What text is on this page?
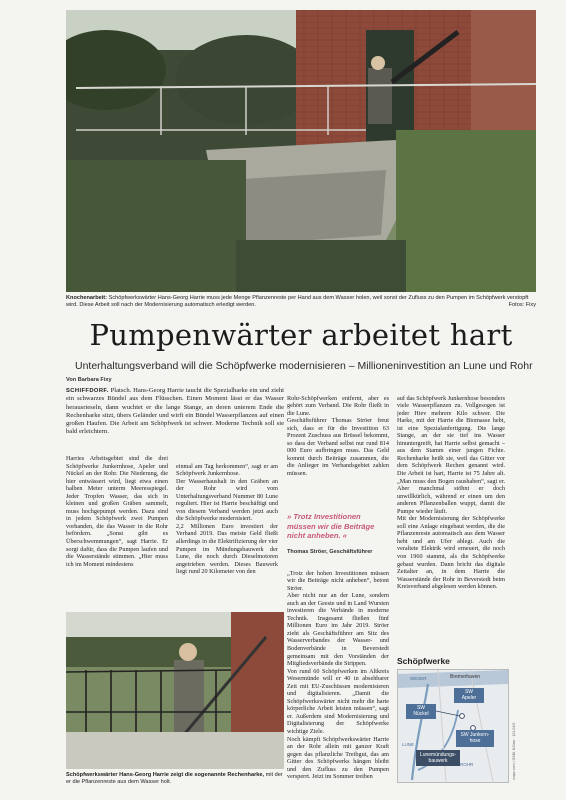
Knochenarbeit: Schöpfwerkswärter Hans-Georg Harrie muss jede Menge Pflanzenreste per Hand aus dem Wasser holen, weil sonst der Zufluss zu den Pumpen im Schöpfwerk verstopft wird. Diese Arbeit soll nach der Modernisierung automatisch erledigt werden.	Fotos: Fixy
Pumpenwärter arbeitet hart
Unterhaltungsverband will die Schöpfwerke modernisieren – Millioneninvestition an Lune und Rohr
Von Barbara Fixy
SCHIFFDORF. Platsch. Hans-Georg Harrie taucht die Spezialharke ein und zieht ein schwarzes Bündel aus dem Flüsschen. Einen Moment lässt er das Wasser herausrieseln, dann wuchtet er die lange Stange, an deren unterem Ende die Rechenharke sitzt, übers Geländer und wirft ein Bündel Wasserpflanzen auf einen großen Haufen. Die Arbeit am Schöpfwerk ist schwer. Moderne Technik soll sie bald erleichtern.

Harries Arbeitsgebiet sind die drei Schöpfwerke Junkernhose, Apeler und Nückel an der Rohr. Die Niederung, die hier entwässert wird, liegt etwa einen halben Meter unterm Meeresspiegel. Jeder Tropfen Wasser, das sich in kleinen und großen Gräben sammelt, muss hochgepumpt werden. Dazu sind in jedem Schöpfwerk zwei Pumpen vorhanden, die das Wasser in die Rohr befördern. „Sonst gibt es Überschwemmungen“, sagt Harrie. Er sorgt dafür, dass die Pumpen laufen und die Wasserstände stimmen. „Hier muss ich im Moment mindestens

einmal am Tag herkommen“, sagt er am Schöpfwerk Junkernhose.
Der Wasserhaushalt in den Gräben an der Rohr wird vom Unterhaltungsverband Nummer 80 Lune reguliert. Hier ist Harrie beschäftigt und von diesem Verband werden jetzt auch die Schöpfwerke modernisiert.
2,2 Millionen Euro investiert der Verband 2019. Das meiste Geld fließt allerdings in die Elektrifizierung der vier Pumpen im Mündungsbauwerk der Lune, die noch durch Dieselmotoren angetrieben werden. Dieses Bauwerk liegt rund 20 Kilometer von den

Rohr-Schöpfwerken entfernt, aber es gehört zum Verband. Die Rohr fließt in die Lune.
Geschäftsführer Thomas Ströer freut sich, dass er für die Investition 63 Prozent Zuschuss aus Brüssel bekommt, so dass der Verband selbst nur rund 814 000 Euro aufbringen muss. Das Geld kommt durch Beiträge zusammen, die die Anlieger im Verbandsgebiet zahlen müssen.

» Trotz Investitionen müssen wir die Beiträge nicht anheben. «
Thomas Ströer, Geschäftsführer

„Trotz der hohen Investitionen müssen wir die Beiträge nicht anheben“, betont Ströer.
Aber nicht nur an der Lune, sondern auch an der Geeste und in Land Wursten investieren die Verbände in moderne Technik. Insgesamt fließen fünf Millionen Euro im Jahr 2019. Ströer zieht als Geschäftsführer am Sitz des Wasserverbandes der Wasser- und Bodenverbände in Beverstedt gemeinsam mit den Vorständen der Mitgliedsverbände die Strippen.
Von rund 60 Schöpfwerken im Altkreis Wesermünde will er 40 in absehbarer Zeit mit EU-Zuschüssen modernisieren und digitalisieren. „Damit die Schöpfwerkswärter nicht mehr die harte körperliche Arbeit leisten müssen“, sagt er. Außerdem sind Modernisierung und Digitalisierung der Schöpfwerke wichtige Ziele.
Noch kämpft Schöpfwerkswärter Harrie an der Rohr allein mit ganzer Kraft gegen das pflanzliche Treibgut, das am Gitter des Schöpfwerks hängen bleibt und den Zufluss zu den Pumpen versperrt. Jetzt im Sommer treiben

auf das Schöpfwerk Junkernhose besonders viele Wasserpflanzen zu. Vollgesogen ist jeder Hiev mehrere Kilo schwer. Die Harke, mit der Harrie die Biomasse hebt, ist eine Spezialanfertigung. Die lange Stange, an der sie tief ins Wasser hinuntergreift, hat Harrie selbst gemacht – aus dem Stamm einer jungen Fichte. Rechenharke heißt sie, weil das Gitter vor dem Schöpfwerk Rechen genannt wird. Die Arbeit ist hart, Harrie ist 75 Jahre alt. „Man muss den Bogen raushaben“, sagt er. Aber manchmal stöhnt er doch unwillkürlich, während er einen um den anderen Pflanzenballen wuppt, damit die Pumpe wieder läuft.
Mit der Modernisierung der Schöpfwerke soll eine Anlage eingebaut werden, die die Pflanzenreste automatisch aus dem Wasser hebt und am Ufer ablegt. Auch die veraltete Elektrik wird erneuert, die noch von 1960 stammt, als die Schöpfwerke gebaut wurden. Dann bricht das digitale Zeitalter an, in dem Harrie die Wasserstände der Rohr in Beverstedt beim Kreisverband abgelesen werden können.

Schöpfwerkswärter Hans-Georg Harrie zeigt die sogenannte Rechenharke, mit der er die Pflanzenreste aus dem Wasser holt.
Schöpfwerke
WESER	Bremerhaven
SW
Apeler
SW
Nückel
SW Junkern-
hose
LUNE
Lunemündungs-
bauwerk
ROHR	mapz.com / OSM, NZ/aw · 121.01/0
